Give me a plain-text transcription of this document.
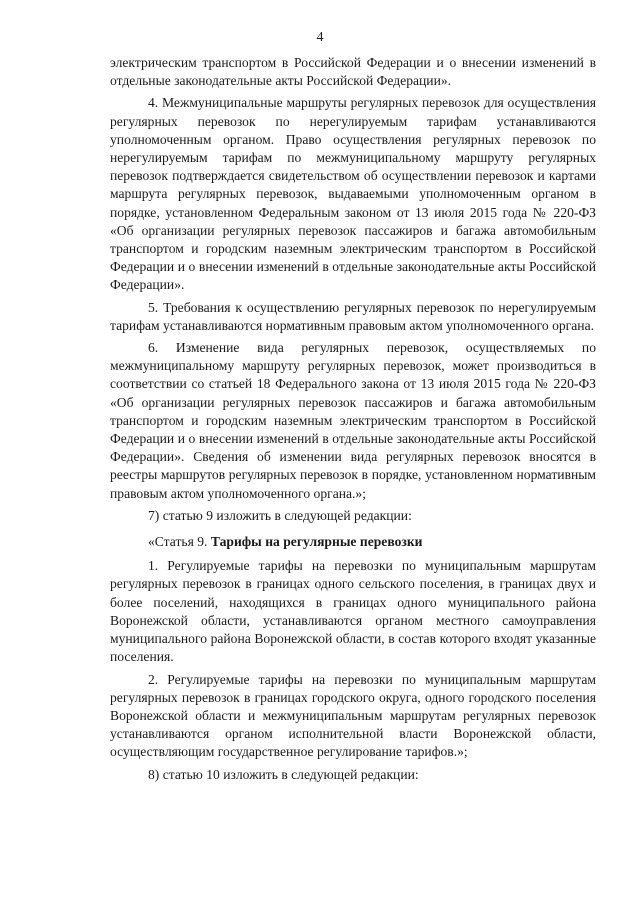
4

электрическим транспортом в Российской Федерации и о внесении изменений в отдельные законодательные акты Российской Федерации».

4. Межмуниципальные маршруты регулярных перевозок для осуществления регулярных перевозок по нерегулируемым тарифам устанавливаются уполномоченным органом. Право осуществления регулярных перевозок по нерегулируемым тарифам по межмуниципальному маршруту регулярных перевозок подтверждается свидетельством об осуществлении перевозок и картами маршрута регулярных перевозок, выдаваемыми уполномоченным органом в порядке, установленном Федеральным законом от 13 июля 2015 года № 220-ФЗ «Об организации регулярных перевозок пассажиров и багажа автомобильным транспортом и городским наземным электрическим транспортом в Российской Федерации и о внесении изменений в отдельные законодательные акты Российской Федерации».

5. Требования к осуществлению регулярных перевозок по нерегулируемым тарифам устанавливаются нормативным правовым актом уполномоченного органа.

6. Изменение вида регулярных перевозок, осуществляемых по межмуниципальному маршруту регулярных перевозок, может производиться в соответствии со статьей 18 Федерального закона от 13 июля 2015 года № 220-ФЗ «Об организации регулярных перевозок пассажиров и багажа автомобильным транспортом и городским наземным электрическим транспортом в Российской Федерации и о внесении изменений в отдельные законодательные акты Российской Федерации». Сведения об изменении вида регулярных перевозок вносятся в реестры маршрутов регулярных перевозок в порядке, установленном нормативным правовым актом уполномоченного органа.»;

7) статью 9 изложить в следующей редакции:

«Статья 9. Тарифы на регулярные перевозки

1. Регулируемые тарифы на перевозки по муниципальным маршрутам регулярных перевозок в границах одного сельского поселения, в границах двух и более поселений, находящихся в границах одного муниципального района Воронежской области, устанавливаются органом местного самоуправления муниципального района Воронежской области, в состав которого входят указанные поселения.

2. Регулируемые тарифы на перевозки по муниципальным маршрутам регулярных перевозок в границах городского округа, одного городского поселения Воронежской области и межмуниципальным маршрутам регулярных перевозок устанавливаются органом исполнительной власти Воронежской области, осуществляющим государственное регулирование тарифов.»;

8) статью 10 изложить в следующей редакции:
